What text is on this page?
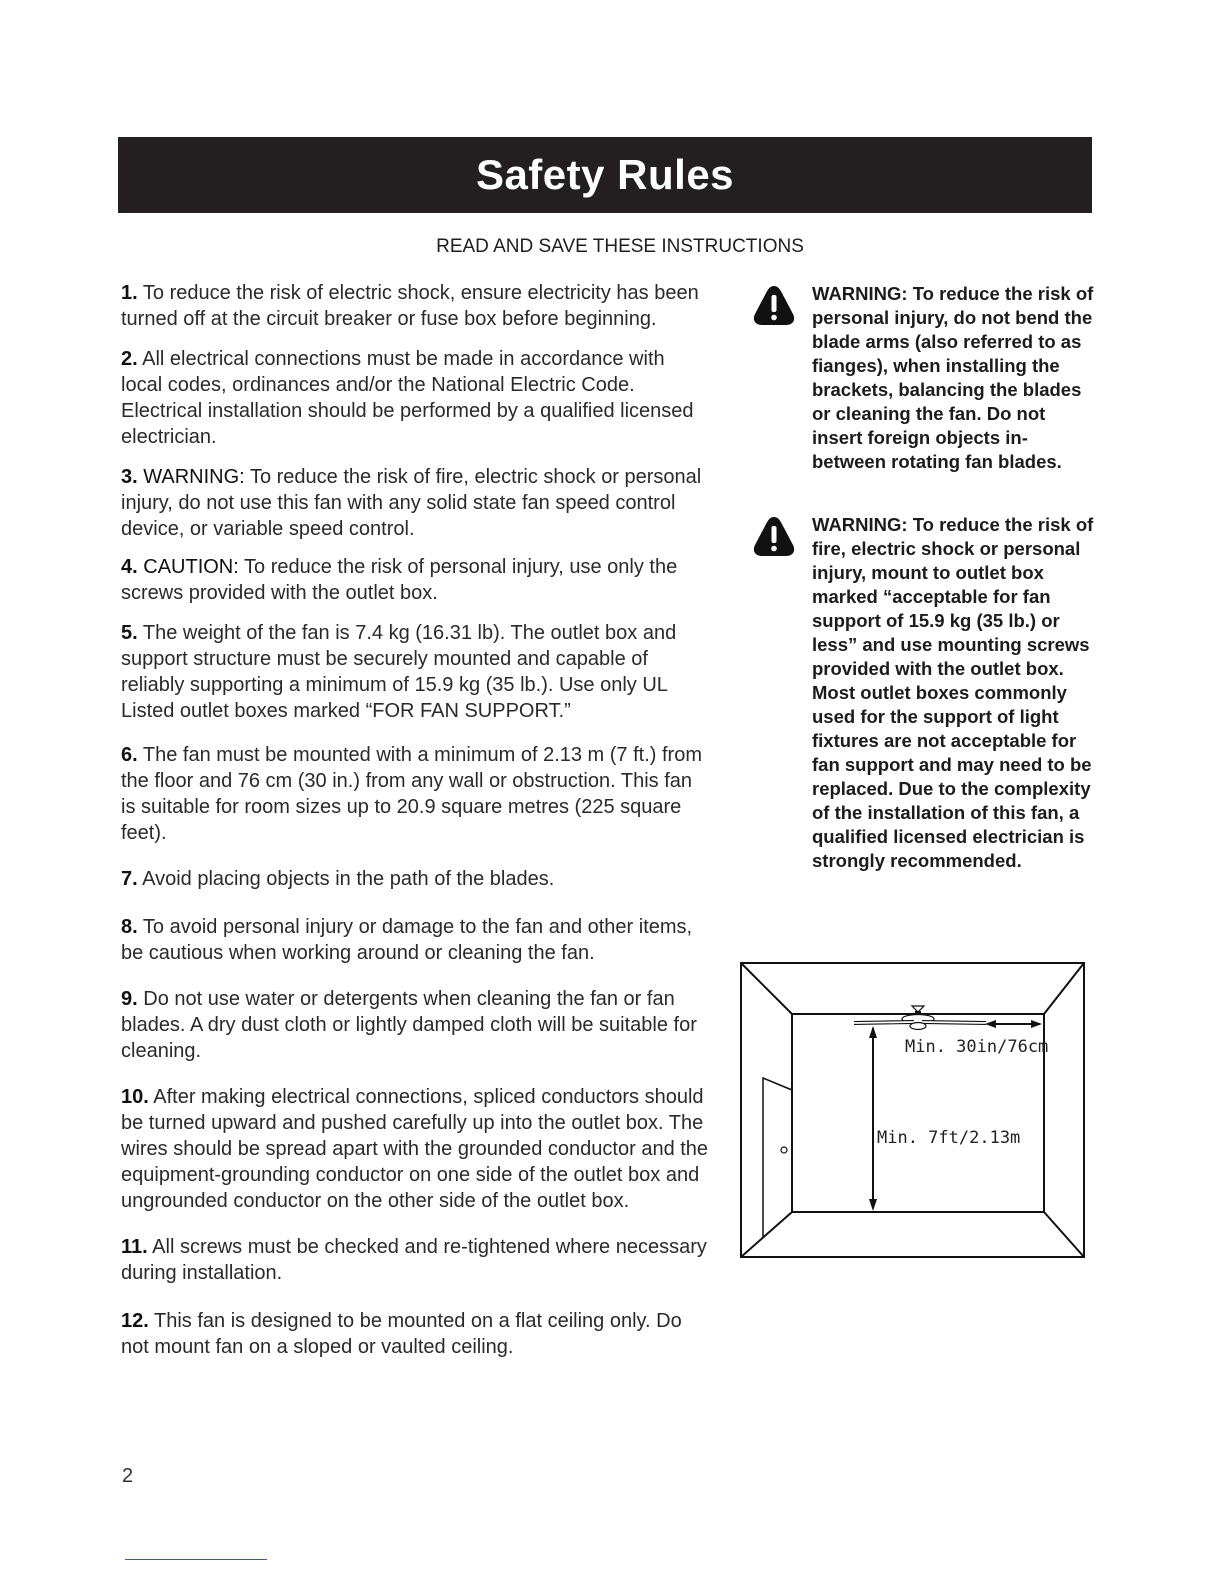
Safety Rules
READ AND SAVE THESE INSTRUCTIONS

1. To reduce the risk of electric shock, ensure electricity has been turned off at the circuit breaker or fuse box before beginning.

2. All electrical connections must be made in accordance with local codes, ordinances and/or the National Electric Code. Electrical installation should be performed by a qualified licensed electrician.

3. WARNING: To reduce the risk of fire, electric shock or personal injury, do not use this fan with any solid state fan speed control device, or variable speed control.

4. CAUTION: To reduce the risk of personal injury, use only the screws provided with the outlet box.

5. The weight of the fan is 7.4 kg (16.31 lb). The outlet box and support structure must be securely mounted and capable of reliably supporting a minimum of 15.9 kg (35 lb.). Use only UL Listed outlet boxes marked “FOR FAN SUPPORT.”

6. The fan must be mounted with a minimum of 2.13 m (7 ft.) from the floor and 76 cm (30 in.) from any wall or obstruction. This fan is suitable for room sizes up to 20.9 square metres (225 square feet).

7. Avoid placing objects in the path of the blades.

8. To avoid personal injury or damage to the fan and other items, be cautious when working around or cleaning the fan.

9. Do not use water or detergents when cleaning the fan or fan blades. A dry dust cloth or lightly damped cloth will be suitable for cleaning.

10. After making electrical connections, spliced conductors should be turned upward and pushed carefully up into the outlet box. The wires should be spread apart with the grounded conductor and the equipment-grounding conductor on one side of the outlet box and ungrounded conductor on the other side of the outlet box.

11. All screws must be checked and re-tightened where necessary during installation.

12. This fan is designed to be mounted on a flat ceiling only. Do not mount fan on a sloped or vaulted ceiling.

WARNING: To reduce the risk of personal injury, do not bend the blade arms (also referred to as fianges), when installing the brackets, balancing the blades or cleaning the fan. Do not insert foreign objects in-between rotating fan blades.
WARNING: To reduce the risk of fire, electric shock or personal injury, mount to outlet box marked “acceptable for fan support of 15.9 kg (35 lb.) or less” and use mounting screws provided with the outlet box. Most outlet boxes commonly used for the support of light fixtures are not acceptable for fan support and may need to be replaced. Due to the complexity of the installation of this fan, a qualified licensed electrician is strongly recommended.
Min. 30in/76cm
Min. 7ft/2.13m
2
